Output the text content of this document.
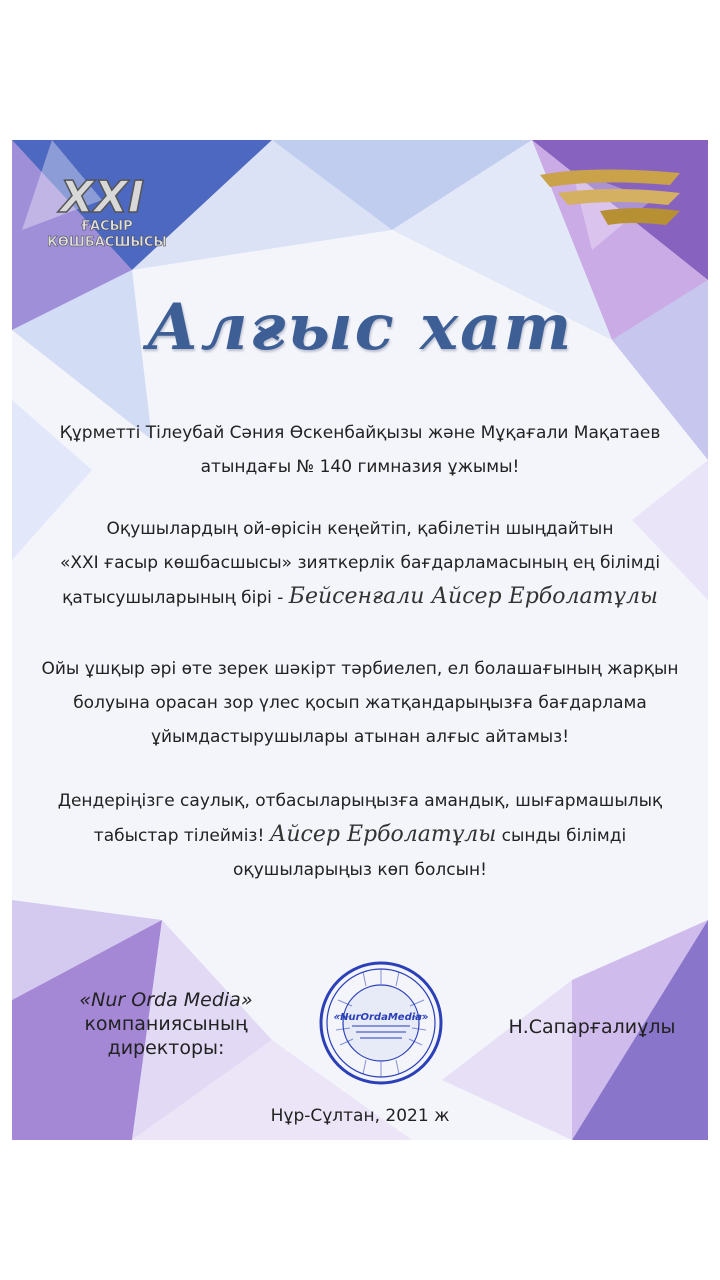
XXI
ҒАСЫР
КӨШБАСШЫСЫ
Алғыс хат
Құрметті Тілеубай Сәния Өскенбайқызы және Мұқағали Мақатаев
атындағы № 140 гимназия ұжымы!
Оқушылардың ой-өрісін кеңейтіп, қабілетін шыңдайтын
«XXI ғасыр көшбасшысы» зияткерлік бағдарламасының ең білімді
қатысушыларының бірі - Бейсенғали Айсер Ерболатұлы
Ойы ұшқыр әрі өте зерек шәкірт тәрбиелеп, ел болашағының жарқын
болуына орасан зор үлес қосып жатқандарыңызға бағдарлама
ұйымдастырушылары атынан алғыс айтамыз!
Дендеріңізге саулық, отбасыларыңызға амандық, шығармашылық
табыстар тілейміз! Айсер Ерболатұлы сынды білімді
оқушыларыңыз көп болсын!
«Nur Orda Media»
компаниясының
директоры:
«NurOrdaMedia»	Н.Сапарғалиұлы
Нұр-Сұлтан, 2021 ж
